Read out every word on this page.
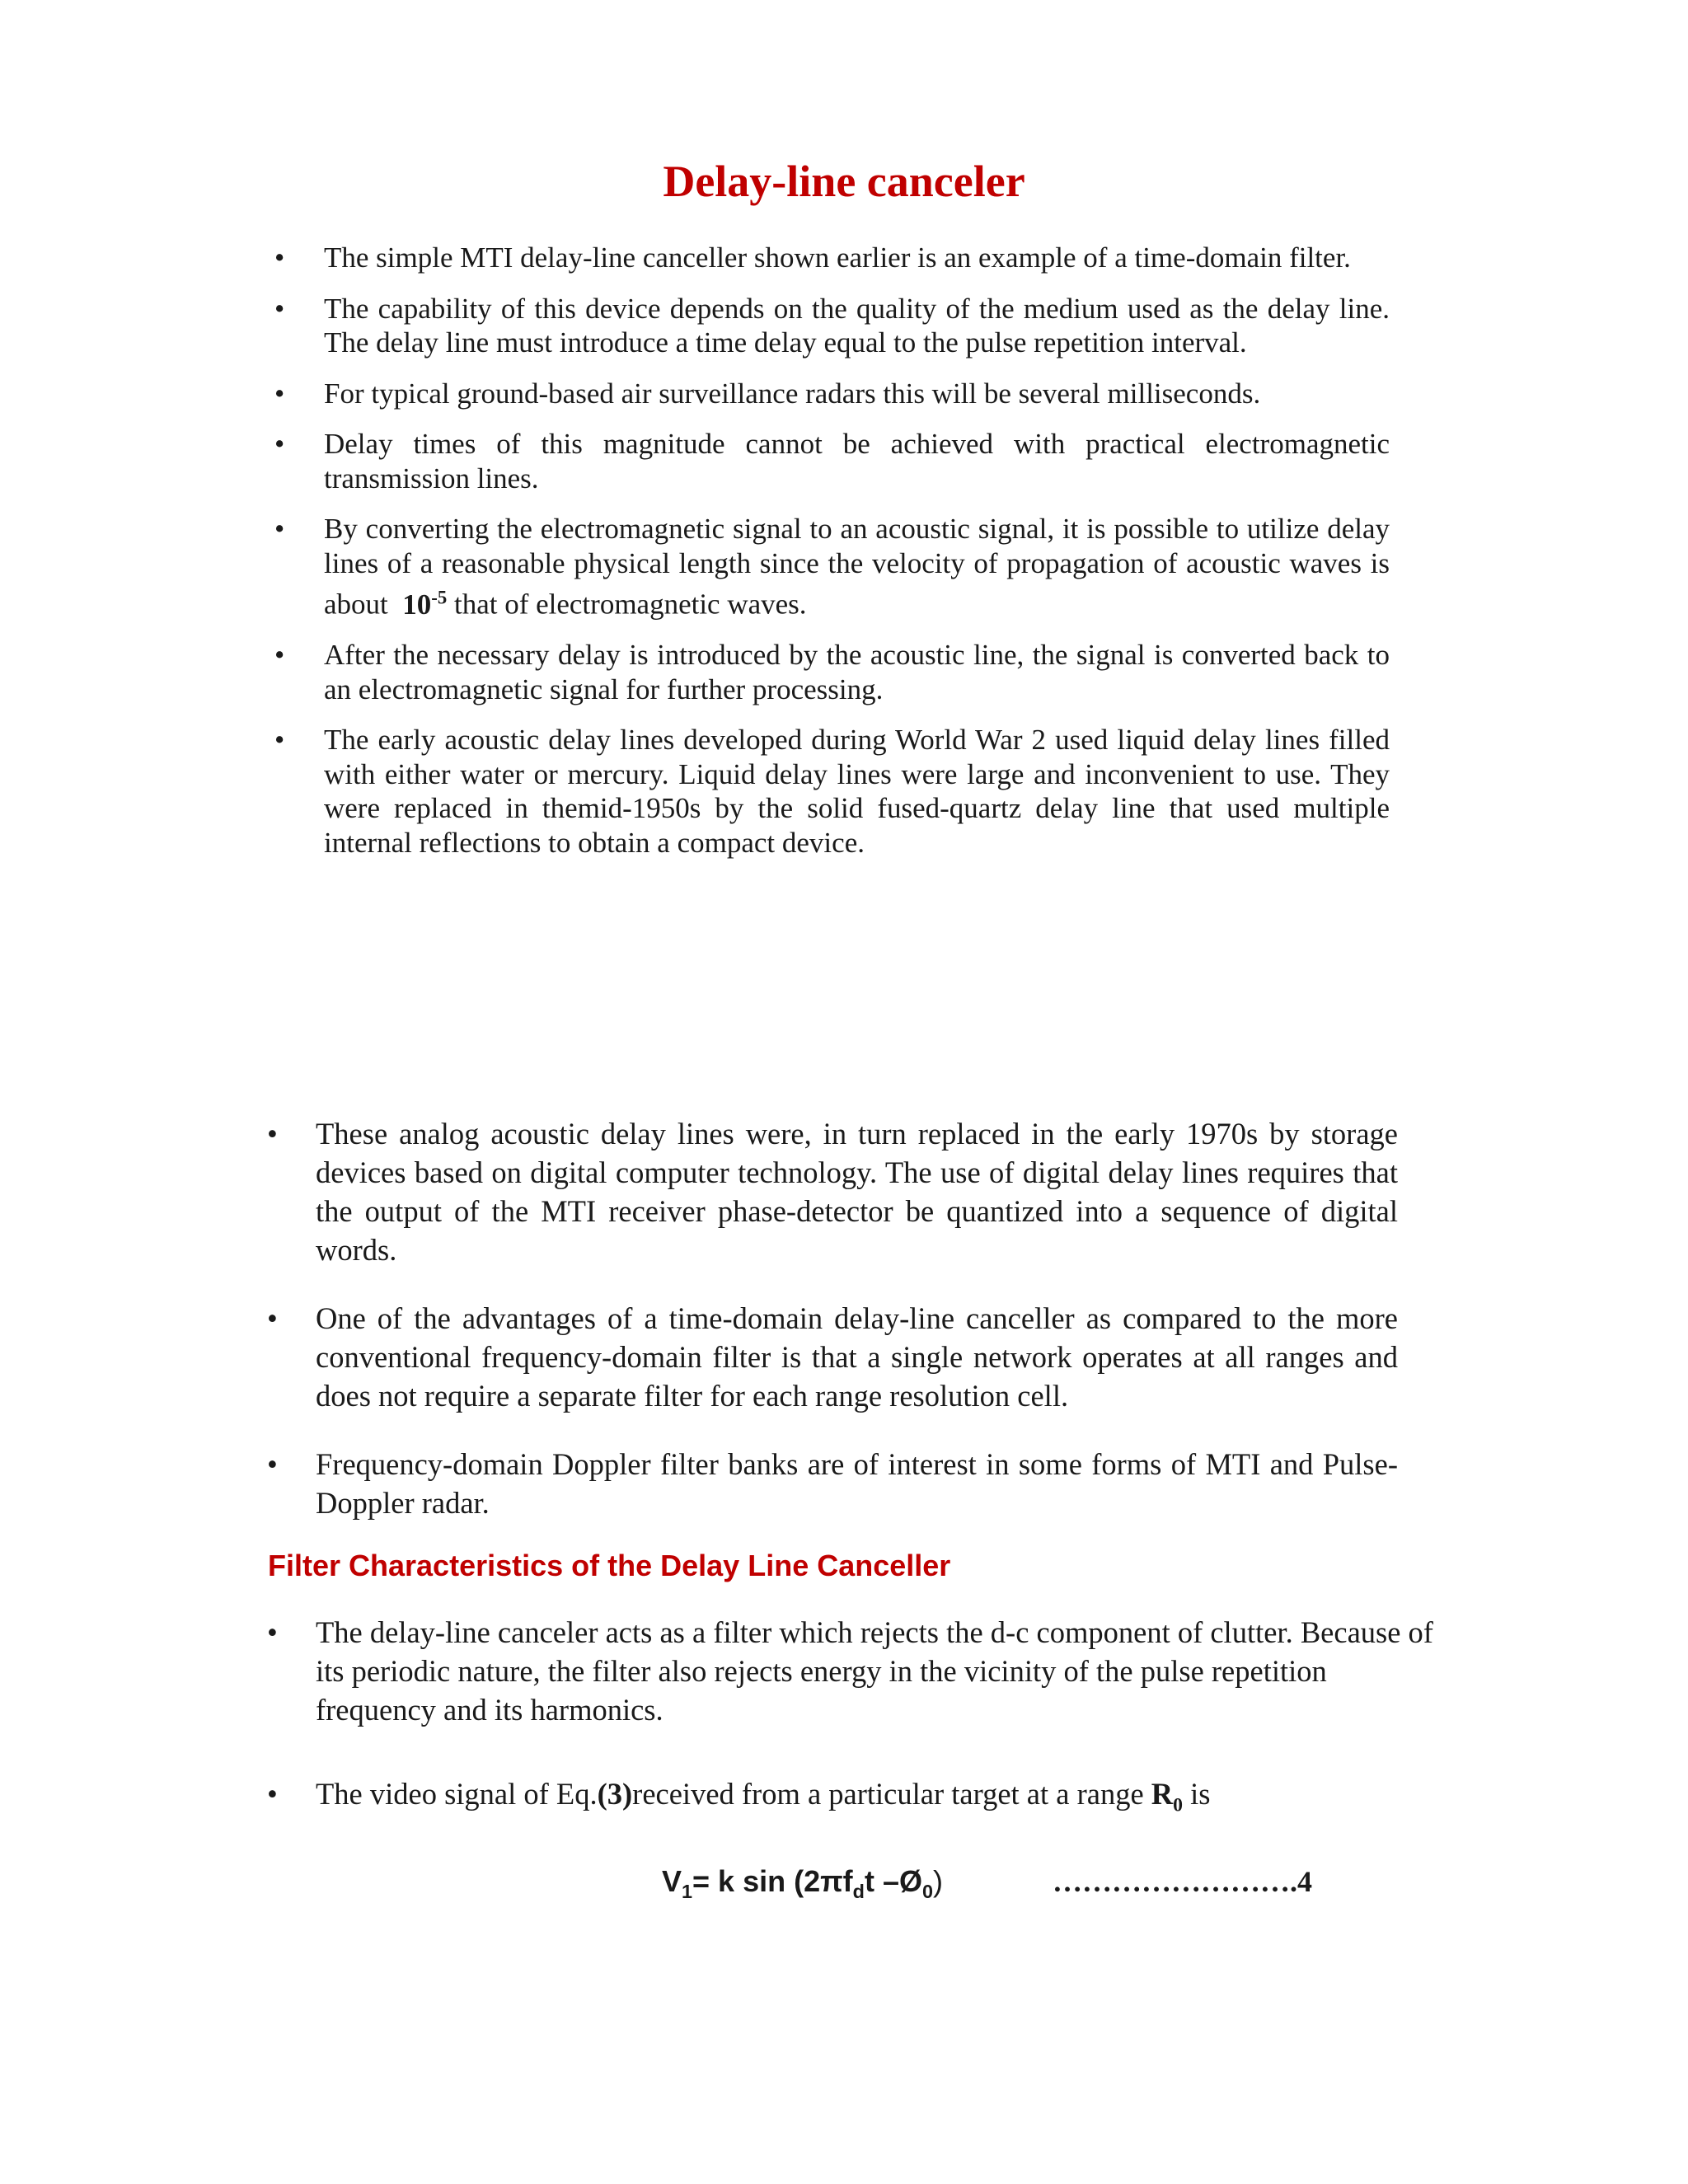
Delay-line canceler
• The simple MTI delay-line canceller shown earlier is an example of a time-domain filter.
• The capability of this device depends on the quality of the medium used as the delay line. The delay line must introduce a time delay equal to the pulse repetition interval.
• For typical ground-based air surveillance radars this will be several milliseconds.
• Delay times of this magnitude cannot be achieved with practical electromagnetic transmission lines.
• By converting the electromagnetic signal to an acoustic signal, it is possible to utilize delay lines of a reasonable physical length since the velocity of propagation of acoustic waves is about $10^{-5}$ that of electromagnetic waves.
• After the necessary delay is introduced by the acoustic line, the signal is converted back to an electromagnetic signal for further processing.
• The early acoustic delay lines developed during World War 2 used liquid delay lines filled with either water or mercury. Liquid delay lines were large and inconvenient to use. They were replaced in themid-1950s by the solid fused-quartz delay line that used multiple internal reflections to obtain a compact device.
• These analog acoustic delay lines were, in turn replaced in the early 1970s by storage devices based on digital computer technology. The use of digital delay lines requires that the output of the MTI receiver phase-detector be quantized into a sequence of digital words.
• One of the advantages of a time-domain delay-line canceller as compared to the more conventional frequency-domain filter is that a single network operates at all ranges and does not require a separate filter for each range resolution cell.
• Frequency-domain Doppler filter banks are of interest in some forms of MTI and Pulse-Doppler radar.
Filter Characteristics of the Delay Line Canceller
• The delay-line canceler acts as a filter which rejects the d-c component of clutter. Because of its periodic nature, the filter also rejects energy in the vicinity of the pulse repetition frequency and its harmonics.
• The video signal of Eq.(3)received from a particular target at a range $R_0$ is
$V_1= k$ $\sin (2\pi f_dt$ $-Ø_0$)	…………………….4
